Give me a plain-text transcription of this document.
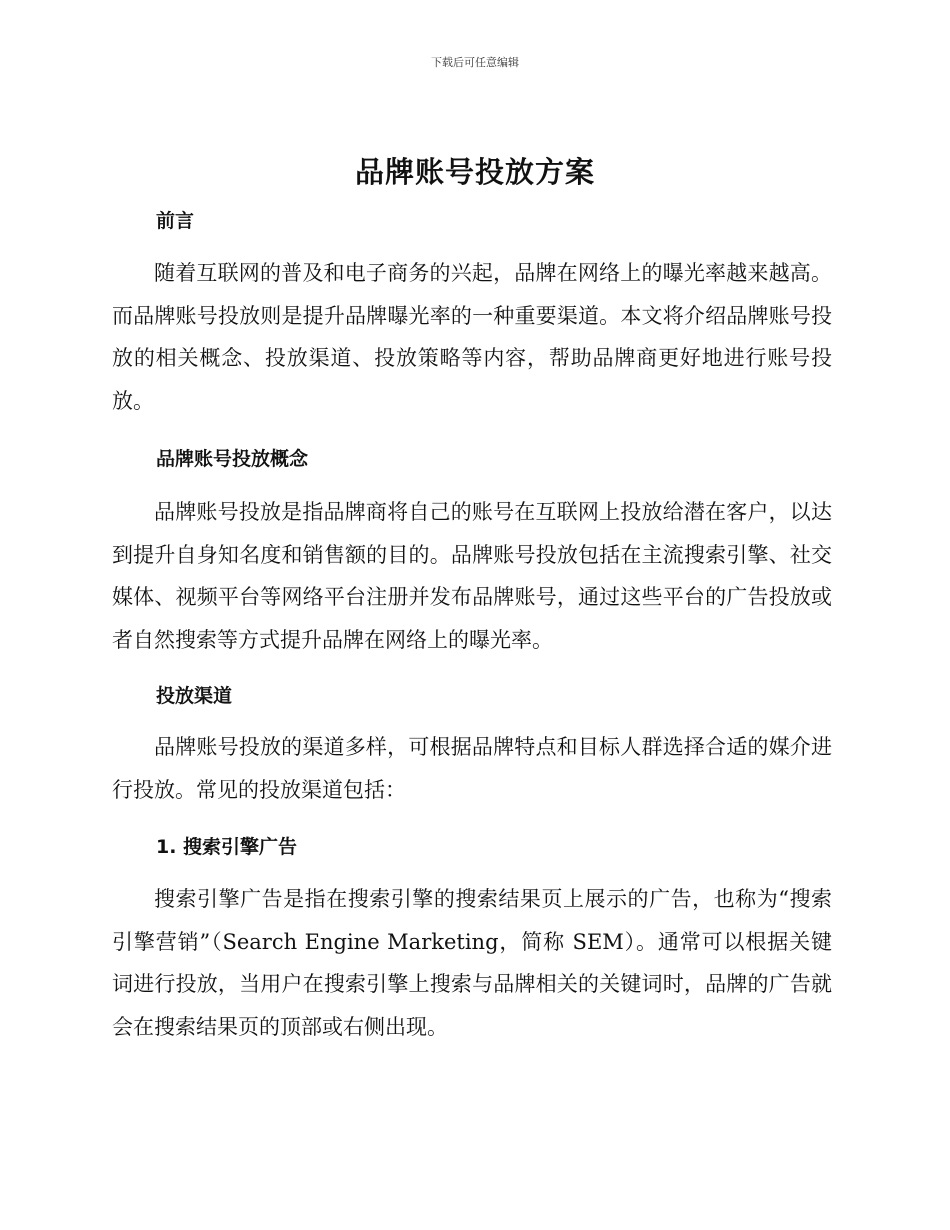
下载后可任意编辑
品牌账号投放方案
前言

随着互联网的普及和电子商务的兴起，品牌在网络上的曝光率越来越高。而品牌账号投放则是提升品牌曝光率的一种重要渠道。本文将介绍品牌账号投放的相关概念、投放渠道、投放策略等内容，帮助品牌商更好地进行账号投放。

品牌账号投放概念

品牌账号投放是指品牌商将自己的账号在互联网上投放给潜在客户，以达到提升自身知名度和销售额的目的。品牌账号投放包括在主流搜索引擎、社交媒体、视频平台等网络平台注册并发布品牌账号，通过这些平台的广告投放或者自然搜索等方式提升品牌在网络上的曝光率。

投放渠道

品牌账号投放的渠道多样，可根据品牌特点和目标人群选择合适的媒介进行投放。常见的投放渠道包括：

1. 搜索引擎广告

搜索引擎广告是指在搜索引擎的搜索结果页上展示的广告，也称为“搜索引擎营销”（Search Engine Marketing，简称 SEM）。通常可以根据关键词进行投放，当用户在搜索引擎上搜索与品牌相关的关键词时，品牌的广告就会在搜索结果页的顶部或右侧出现。
